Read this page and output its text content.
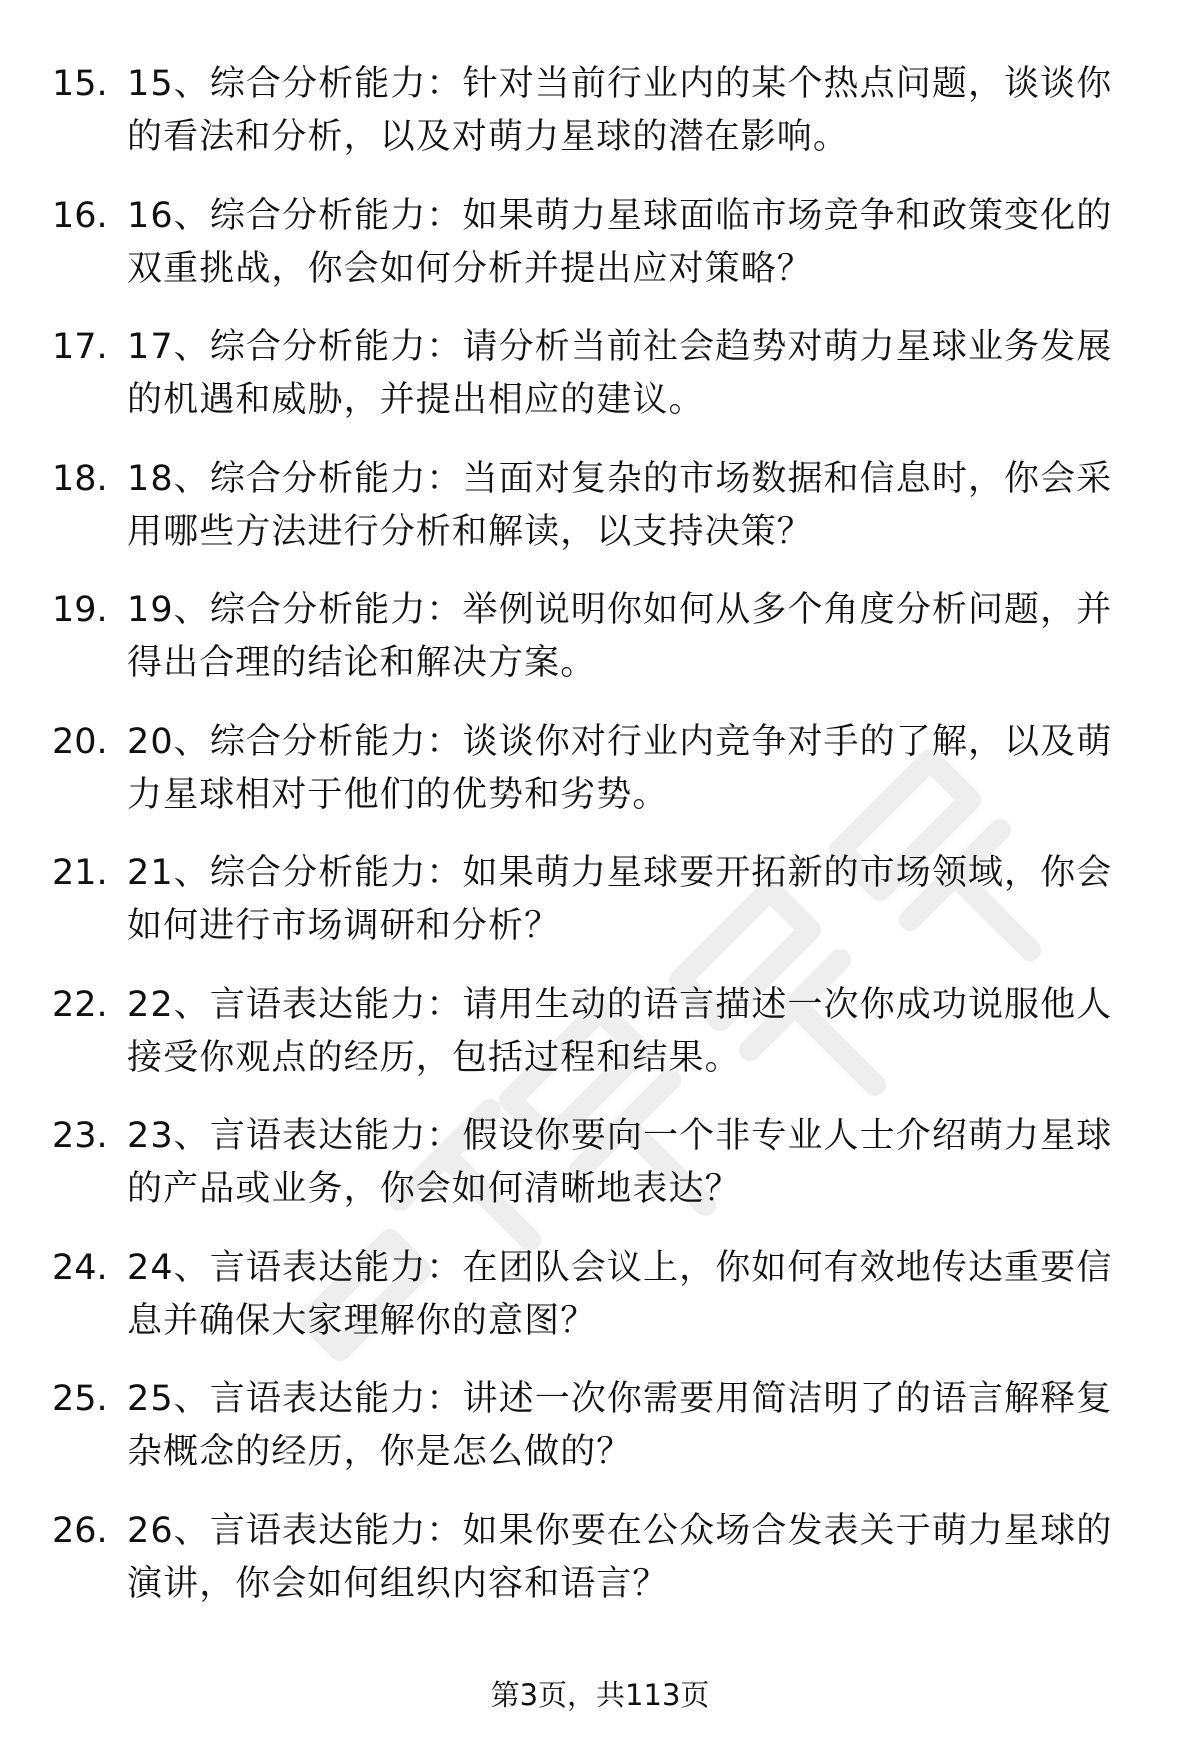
15. 15、综合分析能力：针对当前行业内的某个热点问题，谈谈你的看法和分析，以及对萌力星球的潜在影响。
16. 16、综合分析能力：如果萌力星球面临市场竞争和政策变化的双重挑战，你会如何分析并提出应对策略？
17. 17、综合分析能力：请分析当前社会趋势对萌力星球业务发展的机遇和威胁，并提出相应的建议。
18. 18、综合分析能力：当面对复杂的市场数据和信息时，你会采用哪些方法进行分析和解读，以支持决策？
19. 19、综合分析能力：举例说明你如何从多个角度分析问题，并得出合理的结论和解决方案。
20. 20、综合分析能力：谈谈你对行业内竞争对手的了解，以及萌力星球相对于他们的优势和劣势。
21. 21、综合分析能力：如果萌力星球要开拓新的市场领域，你会如何进行市场调研和分析？
22. 22、言语表达能力：请用生动的语言描述一次你成功说服他人接受你观点的经历，包括过程和结果。
23. 23、言语表达能力：假设你要向一个非专业人士介绍萌力星球的产品或业务，你会如何清晰地表达？
24. 24、言语表达能力：在团队会议上，你如何有效地传达重要信息并确保大家理解你的意图？
25. 25、言语表达能力：讲述一次你需要用简洁明了的语言解释复杂概念的经历，你是怎么做的？
26. 26、言语表达能力：如果你要在公众场合发表关于萌力星球的演讲，你会如何组织内容和语言？
第3页，共113页
